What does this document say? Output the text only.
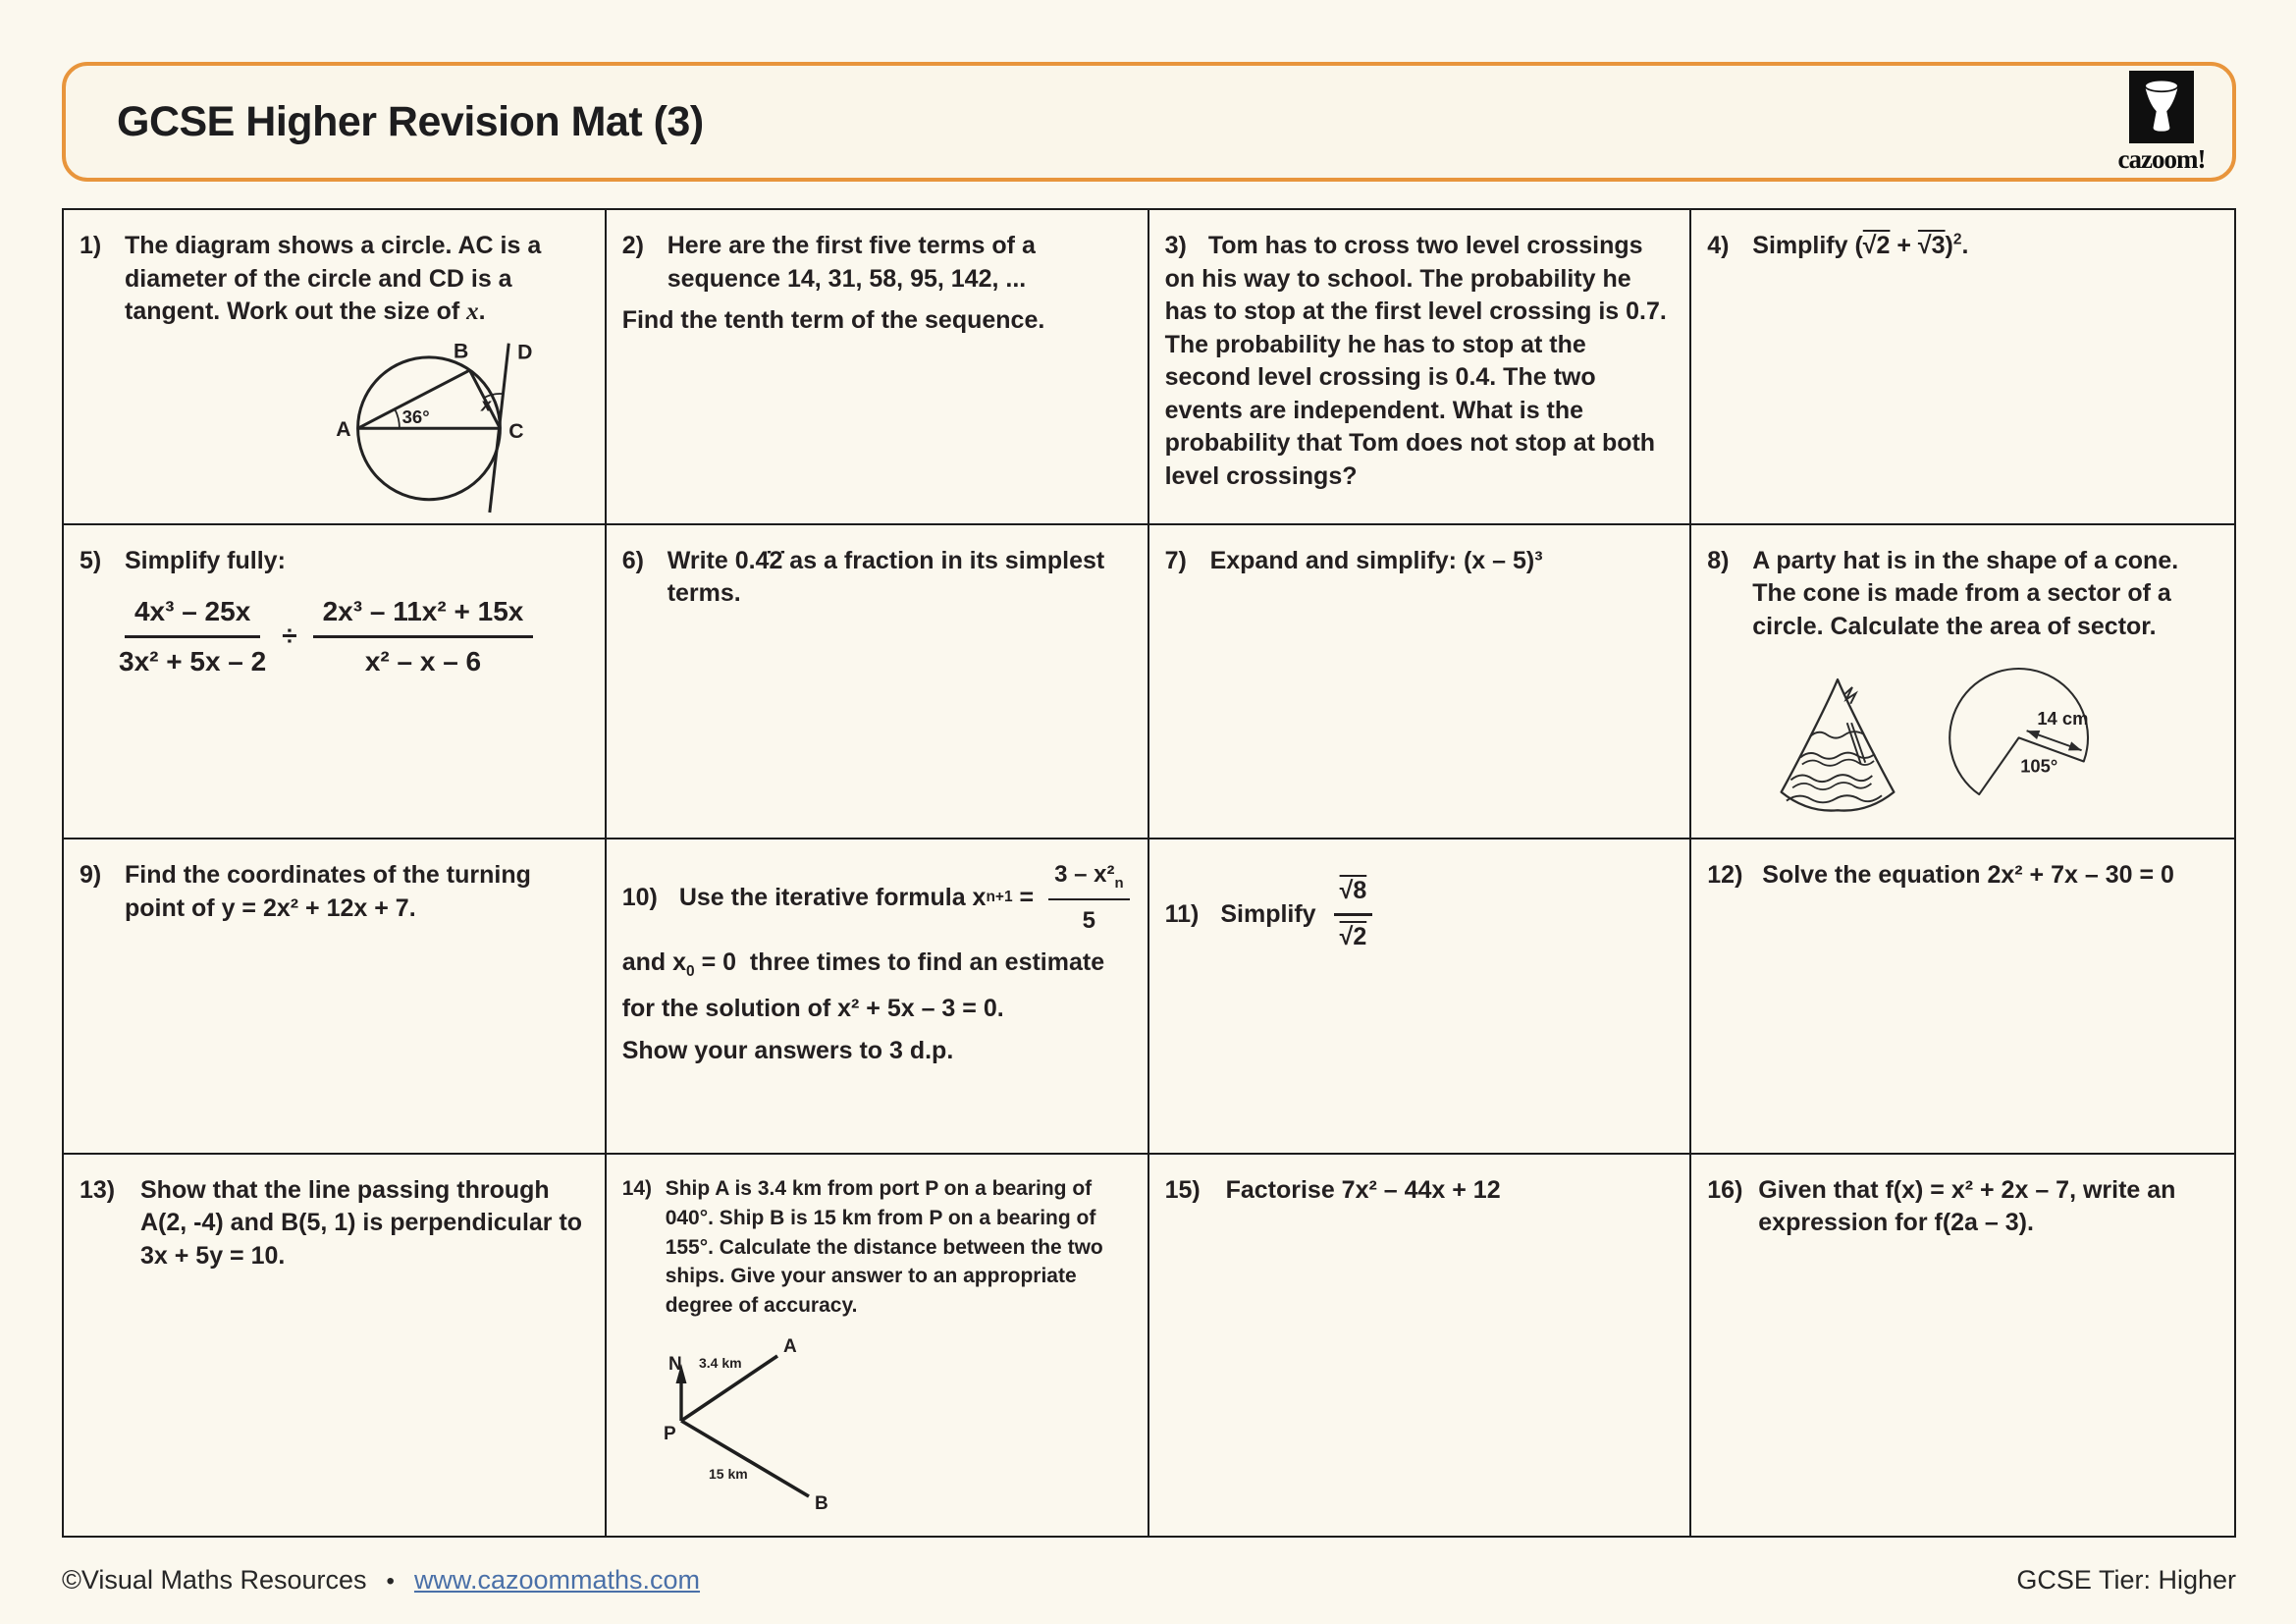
GCSE Higher Revision Mat (3)
cazoom!
1) The diagram shows a circle. AC is a diameter of the circle and CD is a tangent. Work out the size of x.
A
B
C
D
36°
x
2) Here are the first five terms of a sequence 14, 31, 58, 95, 142, ...
Find the tenth term of the sequence.

3) Tom has to cross two level crossings on his way to school. The probability he has to stop at the first level crossing is 0.7. The probability he has to stop at the second level crossing is 0.4. The two events are independent. What is the probability that Tom does not stop at both level crossings?

4) Simplify $(√2 + √3)^2$.
5) Simplify fully:
$\frac{\text{4x³ – 25x}}{\text{3x² + 5x – 2}} \div \frac{\text{2x³ – 11x² + 15x}}{\text{x² – x – 6}}$
6) Write 0.4̇2̇ as a fraction in its simplest terms.
7) Expand and simplify: (x – 5)³	8) A party hat is in the shape of a cone. The cone is made from a sector of a circle. Calculate the area of sector.
14 cm
105°
9) Find the coordinates of the turning point of y = 2x² + 12x + 7.	10) Use the iterative formula x $n+1 = \frac{3 - x^2_n}{5}$

and $x_0 = 0$  three times to find an estimate

for the solution of x² + 5x – 3 = 0.

Show your answers to 3 d.p.

11) Simplify $\frac{√8}{√2}$	12) Solve the equation 2x² + 7x – 30 = 0
13)	Show that the line passing through A(2, -4) and B(5, 1) is perpendicular to 3x + 5y = 10.
14) Ship A is 3.4 km from port P on a bearing of 040°. Ship B is 15 km from P on a bearing of 155°. Calculate the distance between the two ships. Give your answer to an appropriate degree of accuracy.
N
A
B
P
3.4 km
15 km
15)	Factorise 7x² – 44x + 12	16) Given that f(x) = x² + 2x – 7, write an expression for f(2a – 3).
©Visual Maths Resources • www.cazoommaths.com	GCSE Tier: Higher
